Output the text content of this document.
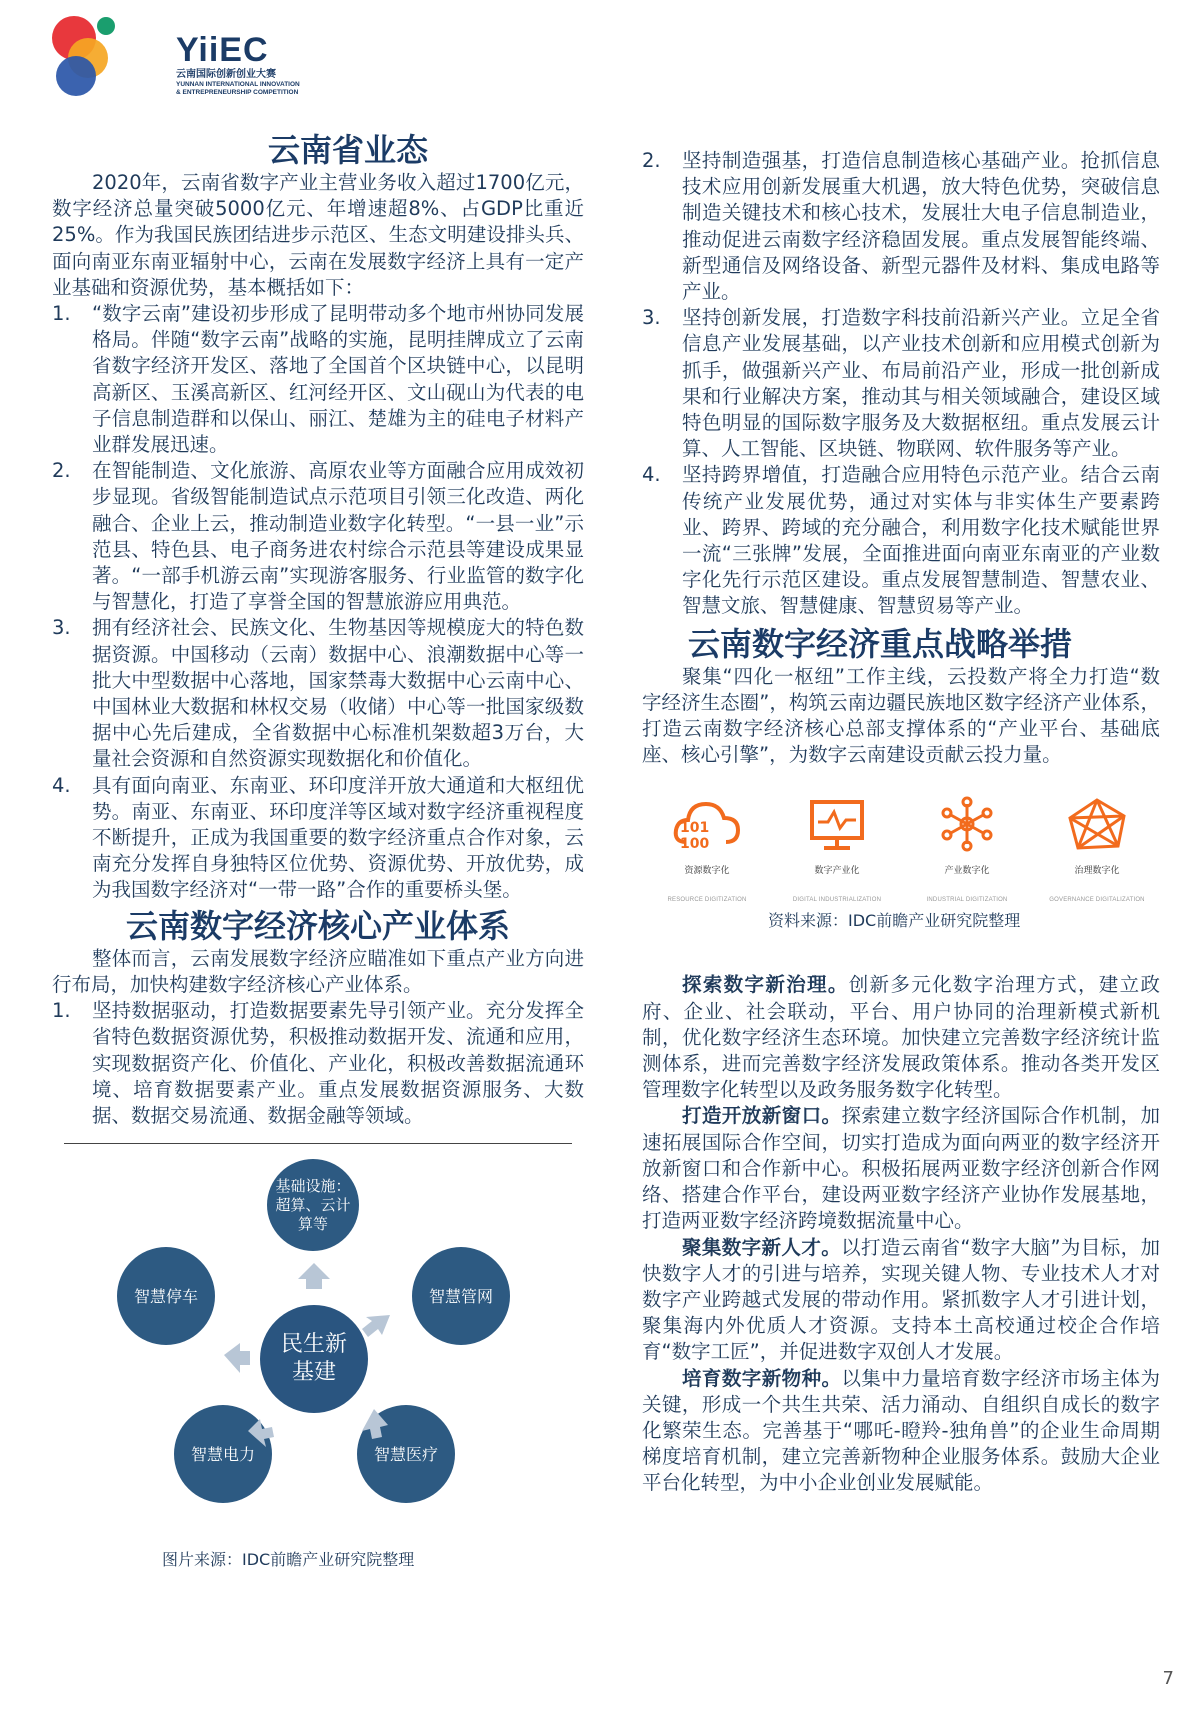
YiiEC
云南国际创新创业大赛
YUNNAN INTERNATIONAL INNOVATION & ENTREPRENEURSHIP COMPETITION
云南省业态

2020年，云南省数字产业主营业务收入超过1700亿元，数字经济总量突破5000亿元、年增速超8%、占GDP比重近25%。作为我国民族团结进步示范区、生态文明建设排头兵、面向南亚东南亚辐射中心，云南在发展数字经济上具有一定产业基础和资源优势，基本概括如下：

1. “数字云南”建设初步形成了昆明带动多个地市州协同发展格局。伴随“数字云南”战略的实施，昆明挂牌成立了云南省数字经济开发区、落地了全国首个区块链中心，以昆明高新区、玉溪高新区、红河经开区、文山砚山为代表的电子信息制造群和以保山、丽江、楚雄为主的硅电子材料产业群发展迅速。
2. 在智能制造、文化旅游、高原农业等方面融合应用成效初步显现。省级智能制造试点示范项目引领三化改造、两化融合、企业上云，推动制造业数字化转型。“一县一业”示范县、特色县、电子商务进农村综合示范县等建设成果显著。“一部手机游云南”实现游客服务、行业监管的数字化与智慧化，打造了享誉全国的智慧旅游应用典范。
3. 拥有经济社会、民族文化、生物基因等规模庞大的特色数据资源。中国移动（云南）数据中心、浪潮数据中心等一批大中型数据中心落地，国家禁毒大数据中心云南中心、中国林业大数据和林权交易（收储）中心等一批国家级数据中心先后建成，全省数据中心标准机架数超3万台，大量社会资源和自然资源实现数据化和价值化。
4. 具有面向南亚、东南亚、环印度洋开放大通道和大枢纽优势。南亚、东南亚、环印度洋等区域对数字经济重视程度不断提升，正成为我国重要的数字经济重点合作对象，云南充分发挥自身独特区位优势、资源优势、开放优势，成为我国数字经济对“一带一路”合作的重要桥头堡。
云南数字经济核心产业体系

整体而言，云南发展数字经济应瞄准如下重点产业方向进行布局，加快构建数字经济核心产业体系。

1. 坚持数据驱动，打造数据要素先导引领产业。充分发挥全省特色数据资源优势，积极推动数据开发、流通和应用，实现数据资产化、价值化、产业化，积极改善数据流通环境、培育数据要素产业。重点发展数据资源服务、大数据、数据交易流通、数据金融等领域。
基础设施：超算、云计算等
智慧管网
智慧医疗
智慧电力
智慧停车
民生新基建
图片来源：IDC前瞻产业研究院整理
2. 坚持制造强基，打造信息制造核心基础产业。抢抓信息技术应用创新发展重大机遇，放大特色优势，突破信息制造关键技术和核心技术，发展壮大电子信息制造业，推动促进云南数字经济稳固发展。重点发展智能终端、新型通信及网络设备、新型元器件及材料、集成电路等产业。
3. 坚持创新发展，打造数字科技前沿新兴产业。立足全省信息产业发展基础，以产业技术创新和应用模式创新为抓手，做强新兴产业、布局前沿产业，形成一批创新成果和行业解决方案，推动其与相关领域融合，建设区域特色明显的国际数字服务及大数据枢纽。重点发展云计算、人工智能、区块链、物联网、软件服务等产业。
4. 坚持跨界增值，打造融合应用特色示范产业。结合云南传统产业发展优势，通过对实体与非实体生产要素跨业、跨界、跨域的充分融合，利用数字化技术赋能世界一流“三张牌”发展，全面推进面向南亚东南亚的产业数字化先行示范区建设。重点发展智慧制造、智慧农业、智慧文旅、智慧健康、智慧贸易等产业。
云南数字经济重点战略举措

聚集“四化一枢纽”工作主线，云投数产将全力打造“数字经济生态圈”，构筑云南边疆民族地区数字经济产业体系，打造云南数字经济核心总部支撑体系的“产业平台、基础底座、核心引擎”，为数字云南建设贡献云投力量。

101
100
资源数字化
RESOURCE DIGITIZATION
数字产业化
DIGITAL INDUSTRIALIZATION
产业数字化
INDUSTRIAL DIGITIZATION
治理数字化
GOVERNANCE DIGITALIZATION
资料来源：IDC前瞻产业研究院整理

探索数字新治理。创新多元化数字治理方式，建立政府、企业、社会联动，平台、用户协同的治理新模式新机制，优化数字经济生态环境。加快建立完善数字经济统计监测体系，进而完善数字经济发展政策体系。推动各类开发区管理数字化转型以及政务服务数字化转型。

打造开放新窗口。探索建立数字经济国际合作机制，加速拓展国际合作空间，切实打造成为面向两亚的数字经济开放新窗口和合作新中心。积极拓展两亚数字经济创新合作网络、搭建合作平台，建设两亚数字经济产业协作发展基地，打造两亚数字经济跨境数据流量中心。

聚集数字新人才。以打造云南省“数字大脑”为目标，加快数字人才的引进与培养，实现关键人物、专业技术人才对数字产业跨越式发展的带动作用。紧抓数字人才引进计划，聚集海内外优质人才资源。支持本土高校通过校企合作培育“数字工匠”，并促进数字双创人才发展。

培育数字新物种。以集中力量培育数字经济市场主体为关键，形成一个共生共荣、活力涌动、自组织自成长的数字化繁荣生态。完善基于“哪吒-瞪羚-独角兽”的企业生命周期梯度培育机制，建立完善新物种企业服务体系。鼓励大企业平台化转型，为中小企业创业发展赋能。

7
